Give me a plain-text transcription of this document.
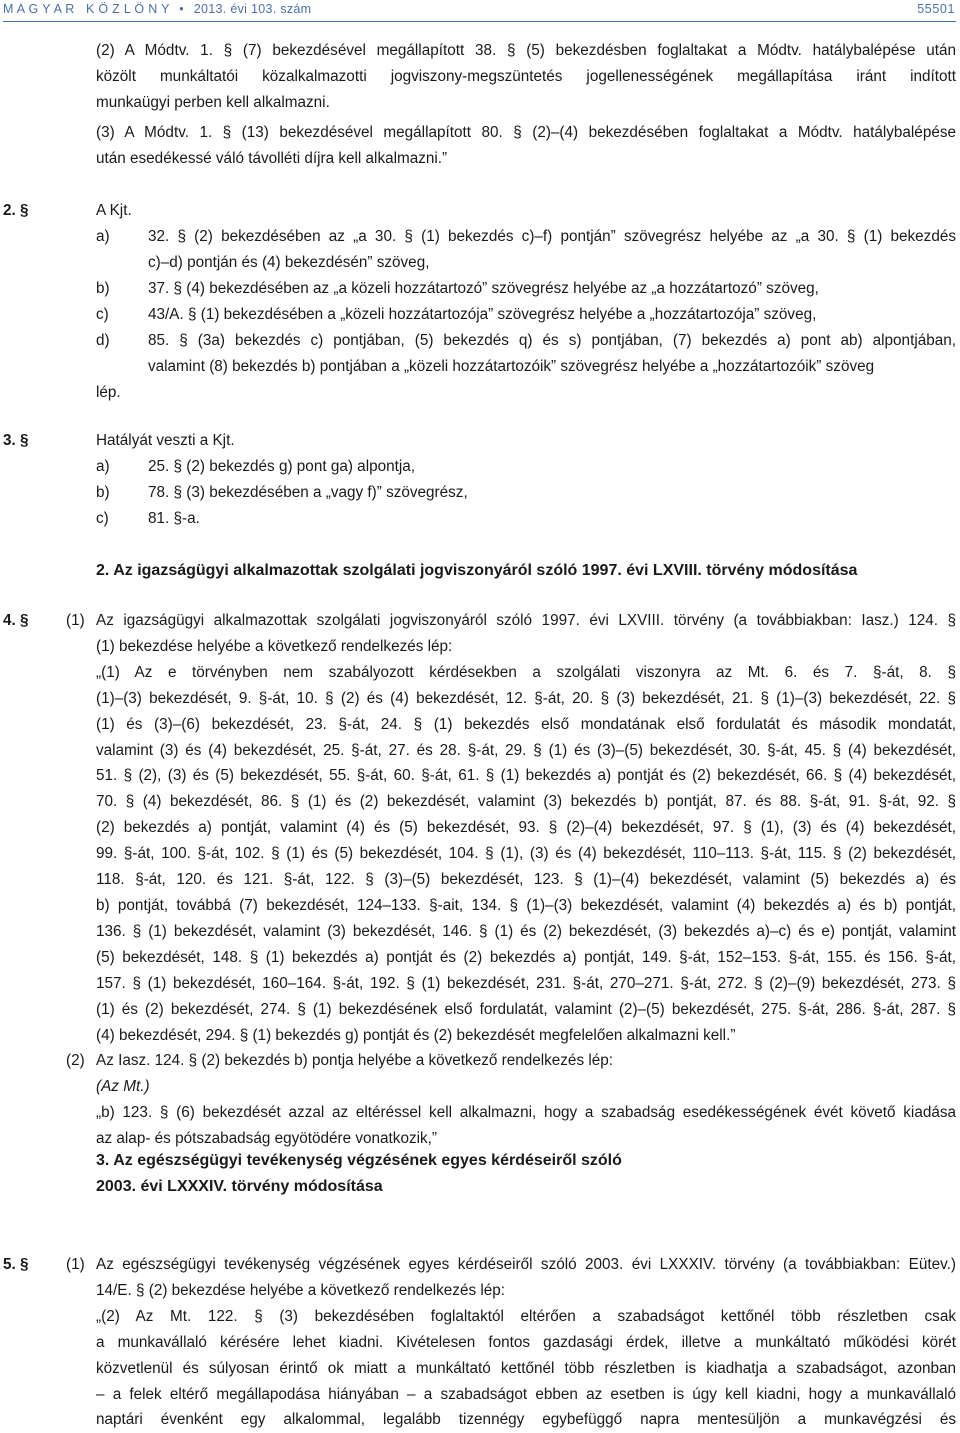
M A G Y A R   K Ö Z L Ö N Y • 2013. évi 103. szám	55501
(2) A Módtv. 1. § (7) bekezdésével megállapított 38. § (5) bekezdésben foglaltakat a Módtv. hatálybalépése után
közölt munkáltatói közalkalmazotti jogviszony-megszüntetés jogellenességének megállapítása iránt indított
munkaügyi perben kell alkalmazni.
(3) A Módtv. 1. § (13) bekezdésével megállapított 80. § (2)–(4) bekezdésében foglaltakat a Módtv. hatálybalépése
után esedékessé váló távolléti díjra kell alkalmazni.”
2. §	A Kjt.
a)	32. § (2) bekezdésében az „a 30. § (1) bekezdés c)–f) pontján” szövegrész helyébe az „a 30. § (1) bekezdés
c)–d) pontján és (4) bekezdésén” szöveg,
b)	37. § (4) bekezdésében az „a közeli hozzátartozó” szövegrész helyébe az „a hozzátartozó” szöveg,
c)	43/A. § (1) bekezdésében a „közeli hozzátartozója” szövegrész helyébe a „hozzátartozója” szöveg,
d)	85. § (3a) bekezdés c) pontjában, (5) bekezdés q) és s) pontjában, (7) bekezdés a) pont ab) alpontjában,
valamint (8) bekezdés b) pontjában a „közeli hozzátartozóik” szövegrész helyébe a „hozzátartozóik” szöveg
lép.
3. §	Hatályát veszti a Kjt.
a)	25. § (2) bekezdés g) pont ga) alpontja,
b)	78. § (3) bekezdésében a „vagy f)” szövegrész,
c)	81. §-a.
2. Az igazságügyi alkalmazottak szolgálati jogviszonyáról szóló 1997. évi LXVIII. törvény módosítása
4. § (1) Az igazságügyi alkalmazottak szolgálati jogviszonyáról szóló 1997. évi LXVIII. törvény (a továbbiakban: Iasz.) 124. §
(1) bekezdése helyébe a következő rendelkezés lép:
„(1) Az e törvényben nem szabályozott kérdésekben a szolgálati viszonyra az Mt. 6. és 7. §-át, 8. §
(1)–(3) bekezdését, 9. §-át, 10. § (2) és (4) bekezdését, 12. §-át, 20. § (3) bekezdését, 21. § (1)–(3) bekezdését, 22. §
(1) és (3)–(6) bekezdését, 23. §-át, 24. § (1) bekezdés első mondatának első fordulatát és második mondatát,
valamint (3) és (4) bekezdését, 25. §-át, 27. és 28. §-át, 29. § (1) és (3)–(5) bekezdését, 30. §-át, 45. § (4) bekezdését,
51. § (2), (3) és (5) bekezdését, 55. §-át, 60. §-át, 61. § (1) bekezdés a) pontját és (2) bekezdését, 66. § (4) bekezdését,
70. § (4) bekezdését, 86. § (1) és (2) bekezdését, valamint (3) bekezdés b) pontját, 87. és 88. §-át, 91. §-át, 92. §
(2) bekezdés a) pontját, valamint (4) és (5) bekezdését, 93. § (2)–(4) bekezdését, 97. § (1), (3) és (4) bekezdését,
99. §-át, 100. §-át, 102. § (1) és (5) bekezdését, 104. § (1), (3) és (4) bekezdését, 110–113. §-át, 115. § (2) bekezdését,
118. §-át, 120. és 121. §-át, 122. § (3)–(5) bekezdését, 123. § (1)–(4) bekezdését, valamint (5) bekezdés a) és
b) pontját, továbbá (7) bekezdését, 124–133. §-ait, 134. § (1)–(3) bekezdését, valamint (4) bekezdés a) és b) pontját,
136. § (1) bekezdését, valamint (3) bekezdését, 146. § (1) és (2) bekezdését, (3) bekezdés a)–c) és e) pontját, valamint
(5) bekezdését, 148. § (1) bekezdés a) pontját és (2) bekezdés a) pontját, 149. §-át, 152–153. §-át, 155. és 156. §-át,
157. § (1) bekezdését, 160–164. §-át, 192. § (1) bekezdését, 231. §-át, 270–271. §-át, 272. § (2)–(9) bekezdését, 273. §
(1) és (2) bekezdését, 274. § (1) bekezdésének első fordulatát, valamint (2)–(5) bekezdését, 275. §-át, 286. §-át, 287. §
(4) bekezdését, 294. § (1) bekezdés g) pontját és (2) bekezdését megfelelően alkalmazni kell.”
(2) Az Iasz. 124. § (2) bekezdés b) pontja helyébe a következő rendelkezés lép:
(Az Mt.)
„b) 123. § (6) bekezdését azzal az eltéréssel kell alkalmazni, hogy a szabadság esedékességének évét követő kiadása
az alap- és pótszabadság egyötödére vonatkozik,”
3. Az egészségügyi tevékenység végzésének egyes kérdéseiről szóló
2003. évi LXXXIV. törvény módosítása
5. § (1) Az egészségügyi tevékenység végzésének egyes kérdéseiről szóló 2003. évi LXXXIV. törvény (a továbbiakban: Eütev.)
14/E. § (2) bekezdése helyébe a következő rendelkezés lép:
„(2) Az Mt. 122. § (3) bekezdésében foglaltaktól eltérően a szabadságot kettőnél több részletben csak
a munkavállaló kérésére lehet kiadni. Kivételesen fontos gazdasági érdek, illetve a munkáltató működési körét
közvetlenül és súlyosan érintő ok miatt a munkáltató kettőnél több részletben is kiadhatja a szabadságot, azonban
– a felek eltérő megállapodása hiányában – a szabadságot ebben az esetben is úgy kell kiadni, hogy a munkavállaló
naptári évenként egy alkalommal, legalább tizennégy egybefüggő napra mentesüljön a munkavégzési és
